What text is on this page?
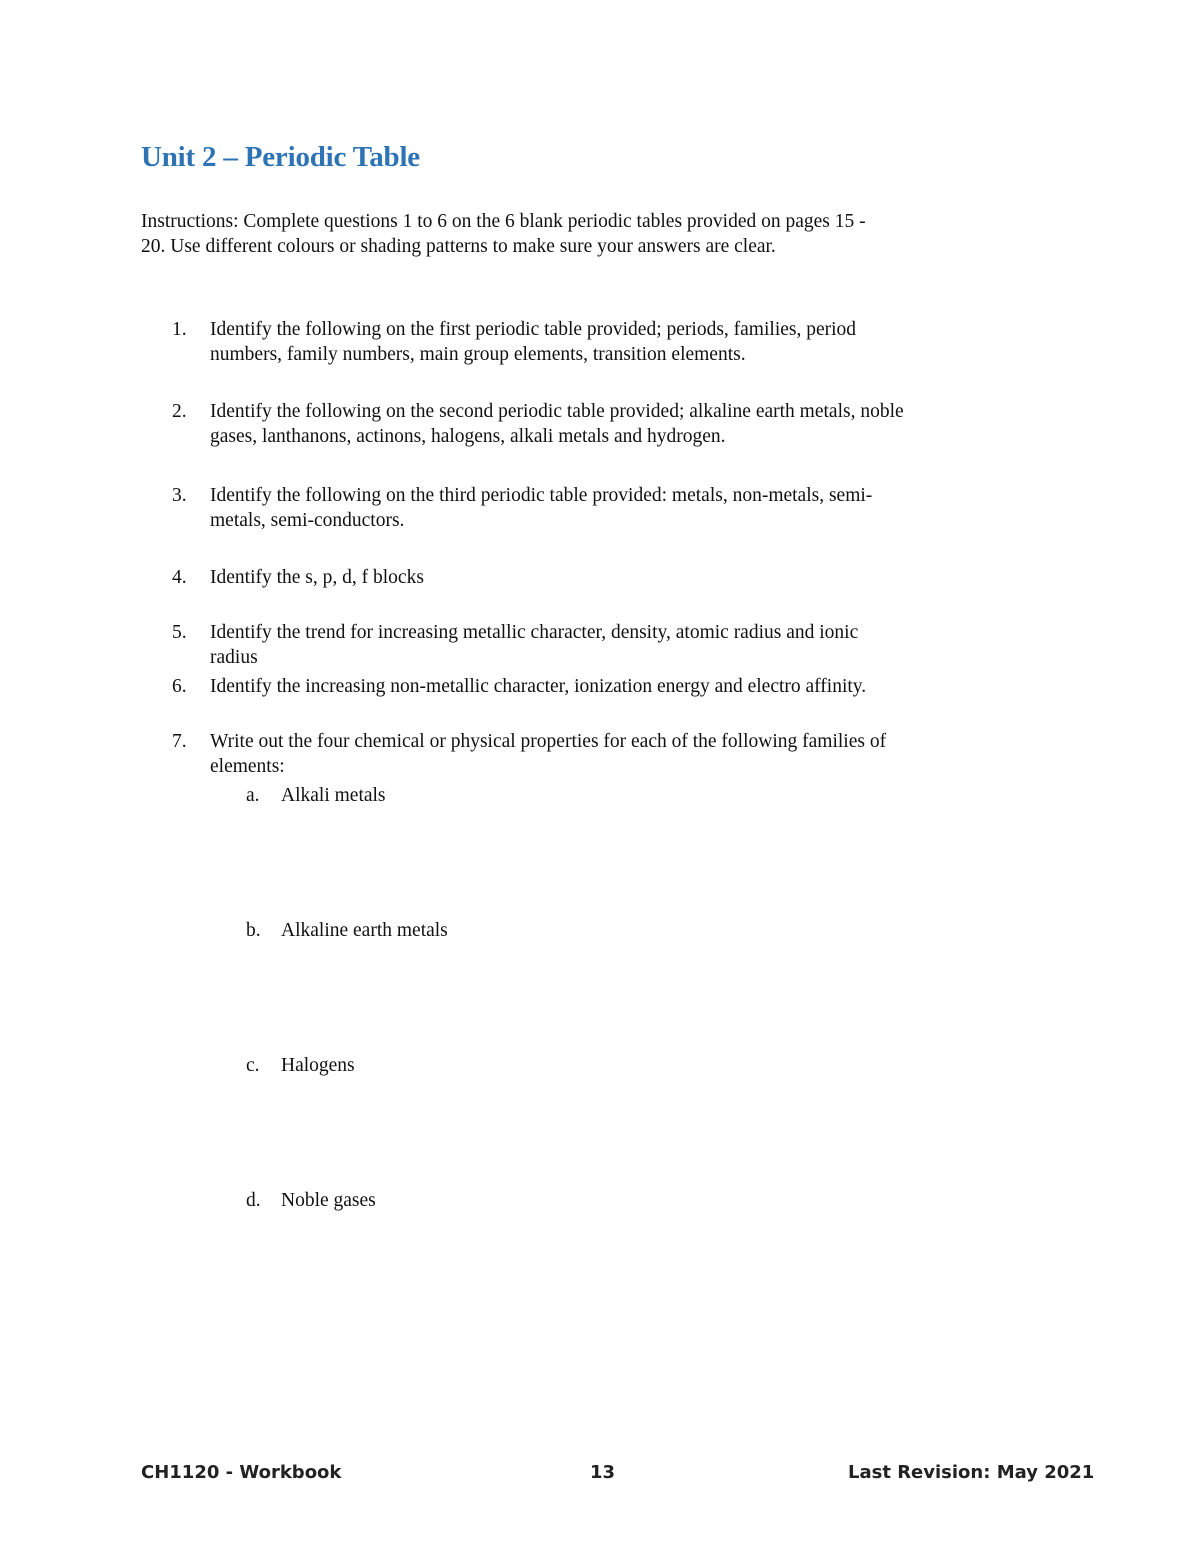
Unit 2 – Periodic Table
Instructions: Complete questions 1 to 6 on the 6 blank periodic tables provided on pages 15 -
20. Use different colours or shading patterns to make sure your answers are clear.
1.	Identify the following on the first periodic table provided; periods, families, period
numbers, family numbers, main group elements, transition elements.
2.	Identify the following on the second periodic table provided; alkaline earth metals, noble
gases, lanthanons, actinons, halogens, alkali metals and hydrogen.
3.	Identify the following on the third periodic table provided: metals, non-metals, semi-
metals, semi-conductors.
4.	Identify the s, p, d, f blocks
5.	Identify the trend for increasing metallic character, density, atomic radius and ionic
radius
6.	Identify the increasing non-metallic character, ionization energy and electro affinity.
7.	Write out the four chemical or physical properties for each of the following families of
elements:
a.	Alkali metals
b.	Alkaline earth metals
c.	Halogens
d.	Noble gases
CH1120 - Workbook	13	Last Revision: May 2021
